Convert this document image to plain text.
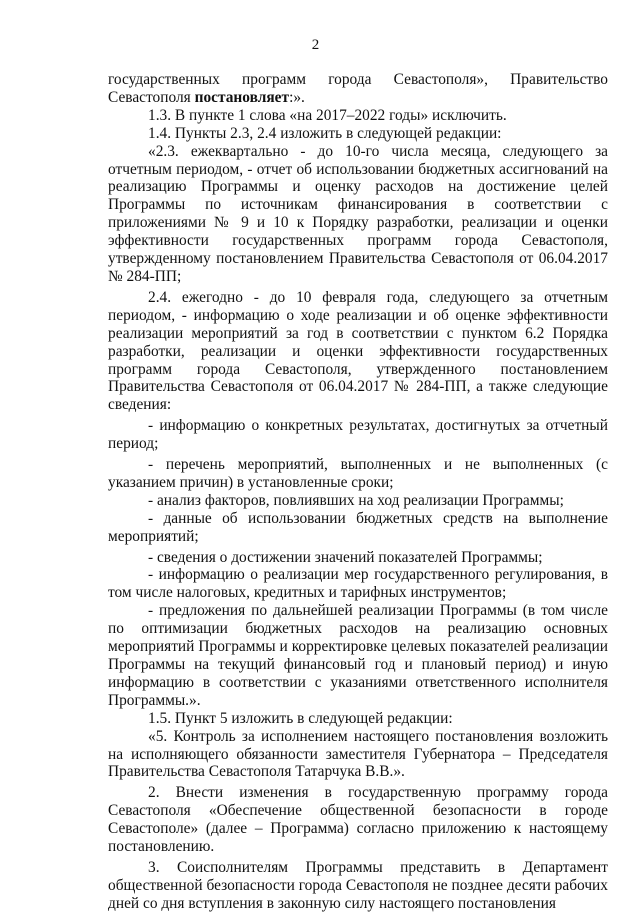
2

государственных программ города Севастополя», Правительство Севастополя постановляет:».

1.3. В пункте 1 слова «на 2017–2022 годы» исключить.

1.4. Пункты 2.3, 2.4 изложить в следующей редакции:

«2.3. ежеквартально - до 10-го числа месяца, следующего за отчетным периодом, - отчет об использовании бюджетных ассигнований на реализацию Программы и оценку расходов на достижение целей Программы по источникам финансирования в соответствии с приложениями № 9 и 10 к Порядку разработки, реализации и оценки эффективности государственных программ города Севастополя, утвержденному постановлением Правительства Севастополя от 06.04.2017 № 284-ПП;

2.4. ежегодно - до 10 февраля года, следующего за отчетным периодом, - информацию о ходе реализации и об оценке эффективности реализации мероприятий за год в соответствии с пунктом 6.2 Порядка разработки, реализации и оценки эффективности государственных программ города Севастополя, утвержденного постановлением Правительства Севастополя от 06.04.2017 № 284-ПП, а также следующие сведения:

- информацию о конкретных результатах, достигнутых за отчетный период;

- перечень мероприятий, выполненных и не выполненных (с указанием причин) в установленные сроки;

- анализ факторов, повлиявших на ход реализации Программы;

- данные об использовании бюджетных средств на выполнение мероприятий;

- сведения о достижении значений показателей Программы;

- информацию о реализации мер государственного регулирования, в том числе налоговых, кредитных и тарифных инструментов;

- предложения по дальнейшей реализации Программы (в том числе по оптимизации бюджетных расходов на реализацию основных мероприятий Программы и корректировке целевых показателей реализации Программы на текущий финансовый год и плановый период) и иную информацию в соответствии с указаниями ответственного исполнителя Программы.».

1.5. Пункт 5 изложить в следующей редакции:

«5. Контроль за исполнением настоящего постановления возложить на исполняющего обязанности заместителя Губернатора – Председателя Правительства Севастополя Татарчука В.В.».

2. Внести изменения в государственную программу города Севастополя «Обеспечение общественной безопасности в городе Севастополе» (далее – Программа) согласно приложению к настоящему постановлению.

3. Соисполнителям Программы представить в Департамент общественной безопасности города Севастополя не позднее десяти рабочих дней со дня вступления в законную силу настоящего постановления
